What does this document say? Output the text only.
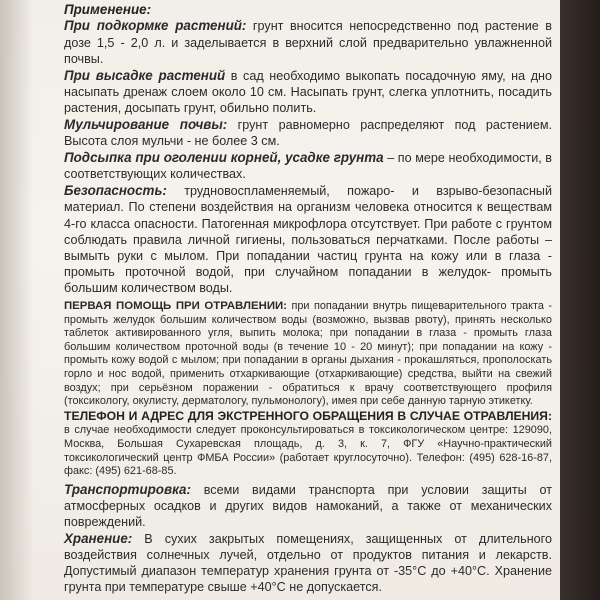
Применение:

При подкормке растений: грунт вносится непосредственно под растение в дозе 1,5 - 2,0 л. и заделывается в верхний слой предварительно увлажненной почвы.

При высадке растений в сад необходимо выкопать посадочную яму, на дно насыпать дренаж слоем около 10 см. Насыпать грунт, слегка уплотнить, посадить растения, досыпать грунт, обильно полить.

Мульчирование почвы: грунт равномерно распределяют под растением. Высота слоя мульчи - не более 3 см.

Подсыпка при оголении корней, усадке грунта – по мере необходимости, в соответствующих количествах.

Безопасность: трудновоспламеняемый, пожаро- и взрыво-безопасный материал. По степени воздействия на организм человека относится к веществам 4-го класса опасности. Патогенная микрофлора отсутствует. При работе с грунтом соблюдать правила личной гигиены, пользоваться перчатками. После работы – вымыть руки с мылом. При попадании частиц грунта на кожу или в глаза - промыть проточной водой, при случайном попадании в желудок- промыть большим количеством воды.

ПЕРВАЯ ПОМОЩЬ ПРИ ОТРАВЛЕНИИ: при попадании внутрь пищеварительного тракта - промыть желудок большим количеством воды (возможно, вызвав рвоту), принять несколько таблеток активированного угля, выпить молока; при попадании в глаза - промыть глаза большим количеством проточной воды (в течение 10 - 20 минут); при попадании на кожу - промыть кожу водой с мылом; при попадании в органы дыхания - прокашляться, прополоскать горло и нос водой, применить отхаркивающие (отхаркивающие) средства, выйти на свежий воздух; при серьёзном поражении - обратиться к врачу соответствующего профиля (токсикологу, окулисту, дерматологу, пульмонологу), имея при себе данную тарную этикетку.

ТЕЛЕФОН И АДРЕС ДЛЯ ЭКСТРЕННОГО ОБРАЩЕНИЯ В СЛУЧАЕ ОТРАВЛЕНИЯ: в случае необходимости следует проконсультироваться в токсикологическом центре: 129090, Москва, Большая Сухаревская площадь, д. 3, к. 7, ФГУ «Научно-практический токсикологический центр ФМБА России» (работает круглосуточно). Телефон: (495) 628-16-87, факс: (495) 621-68-85.

Транспортировка: всеми видами транспорта при условии защиты от атмосферных осадков и других видов намоканий, а также от механических повреждений.

Хранение: В сухих закрытых помещениях, защищенных от длительного воздействия солнечных лучей, отдельно от продуктов питания и лекарств. Допустимый диапазон температур хранения грунта от -35°С до +40°С. Хранение грунта при температуре свыше +40°С не допускается.
